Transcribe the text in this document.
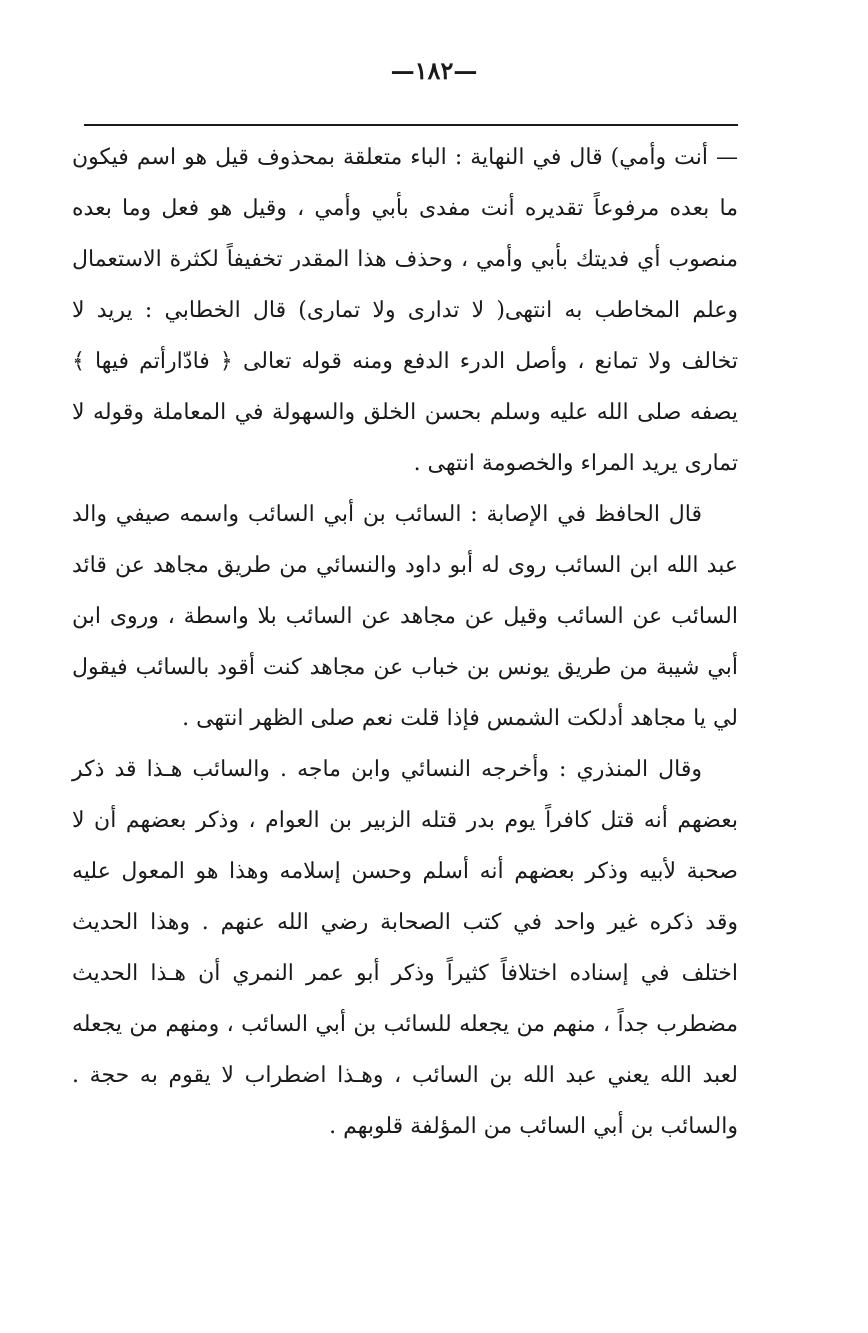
—١٨٢—

— أنت وأمي) قال في النهاية : الباء متعلقة بمحذوف قيل هو اسم فيكون ما بعده مرفوعاً تقديره أنت مفدى بأبي وأمي ، وقيل هو فعل وما بعده منصوب أي فديتك بأبي وأمي ، وحذف هذا المقدر تخفيفاً لكثرة الاستعمال وعلم المخاطب به انتهى( لا تدارى ولا تمارى) قال الخطابي : يريد لا تخالف ولا تمانع ، وأصل الدرء الدفع ومنه قوله تعالى ﴿ فادّارأتم فيها ﴾ يصفه صلى الله عليه وسلم بحسن الخلق والسهولة في المعاملة وقوله لا تمارى يريد المراء والخصومة انتهى .

قال الحافظ في الإصابة : السائب بن أبي السائب واسمه صيفي والد عبد الله ابن السائب روى له أبو داود والنسائي من طريق مجاهد عن قائد السائب عن السائب وقيل عن مجاهد عن السائب بلا واسطة ، وروى ابن أبي شيبة من طريق يونس بن خباب عن مجاهد كنت أقود بالسائب فيقول لي يا مجاهد أدلكت الشمس فإذا قلت نعم صلى الظهر انتهى .

وقال المنذري : وأخرجه النسائي وابن ماجه . والسائب هـذا قد ذكر بعضهم أنه قتل كافراً يوم بدر قتله الزبير بن العوام ، وذكر بعضهم أن لا صحبة لأبيه وذكر بعضهم أنه أسلم وحسن إسلامه وهذا هو المعول عليه وقد ذكره غير واحد في كتب الصحابة رضي الله عنهم . وهذا الحديث اختلف في إسناده اختلافاً كثيراً وذكر أبو عمر النمري أن هـذا الحديث مضطرب جداً ، منهم من يجعله للسائب بن أبي السائب ، ومنهم من يجعله لعبد الله يعني عبد الله بن السائب ، وهـذا اضطراب لا يقوم به حجة . والسائب بن أبي السائب من المؤلفة قلوبهم .
